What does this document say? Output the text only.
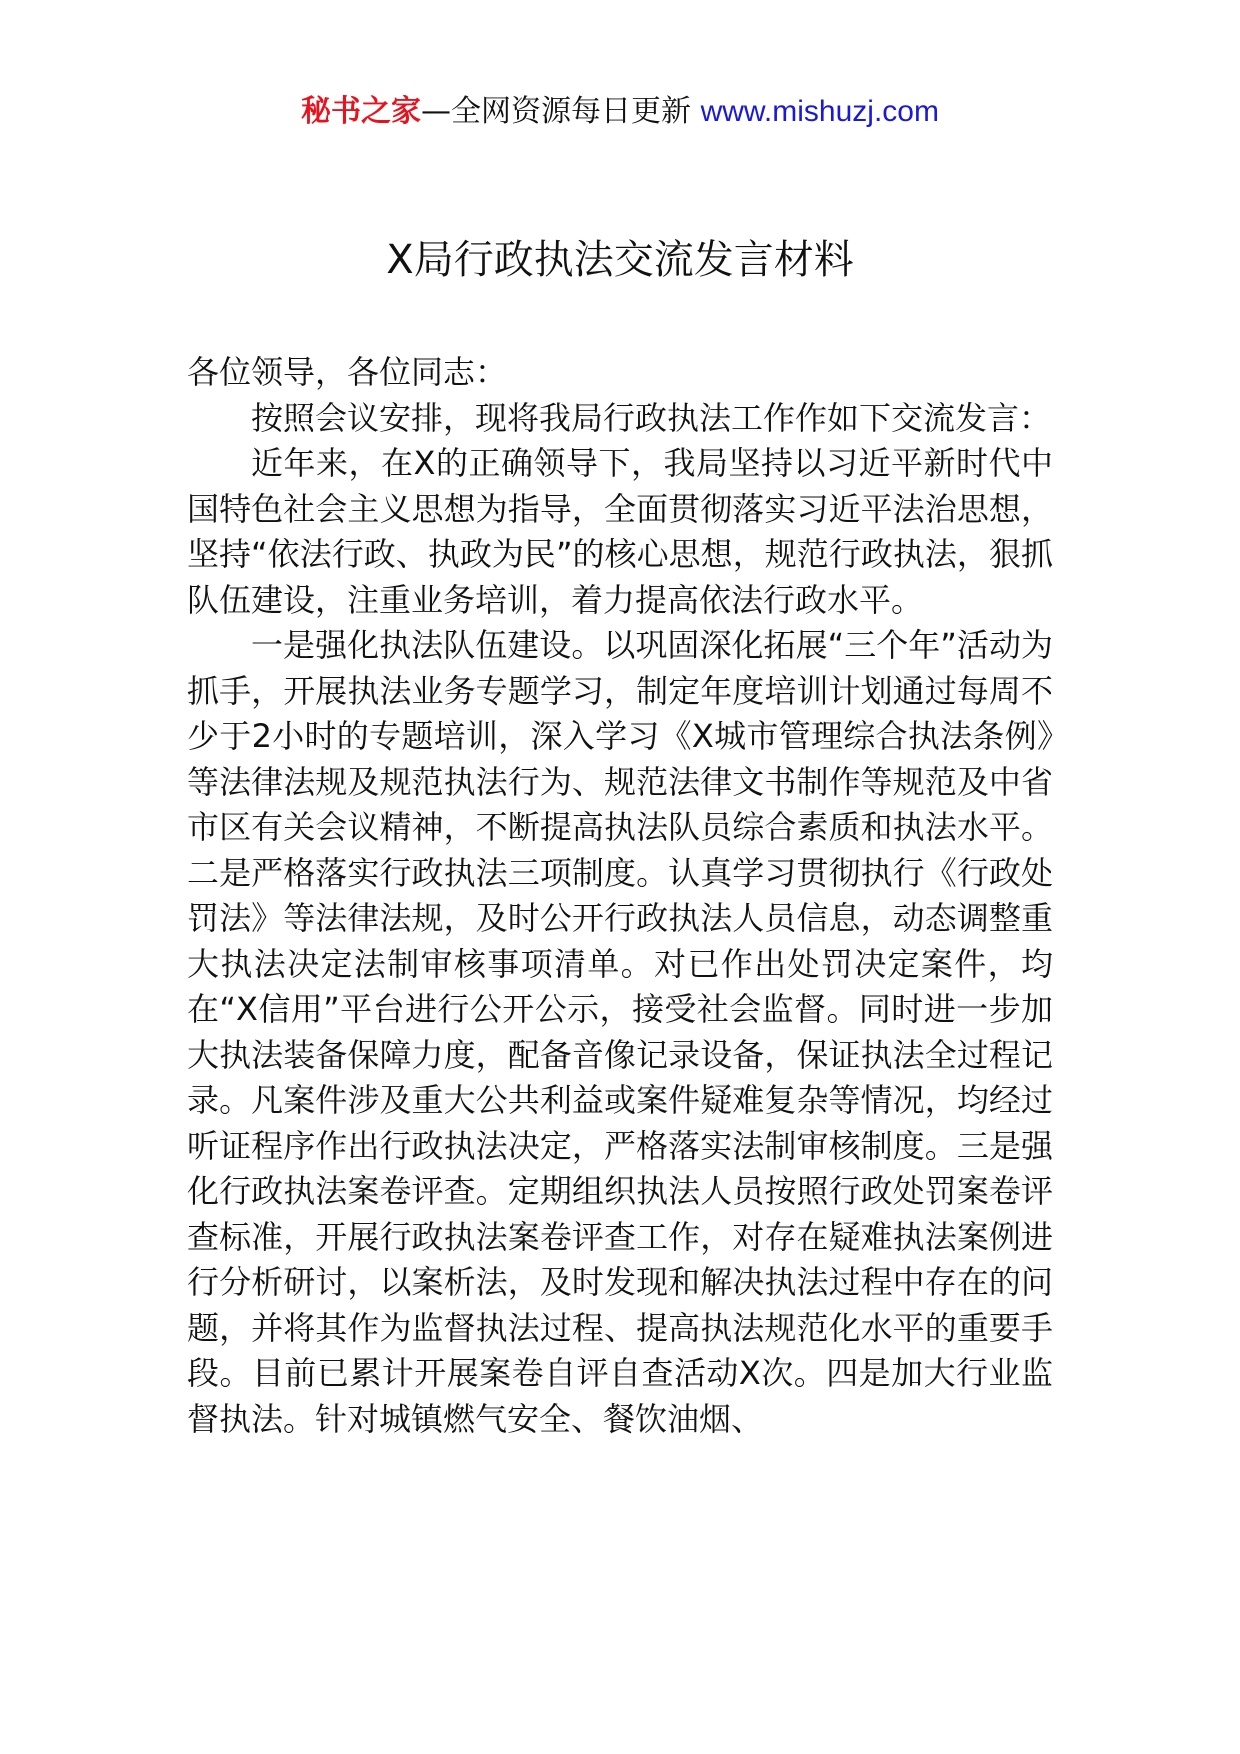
秘书之家—全网资源每日更新 www.mishuzj.com
X局行政执法交流发言材料

各位领导，各位同志：

按照会议安排，现将我局行政执法工作作如下交流发言：

近年来，在X的正确领导下，我局坚持以习近平新时代中国特色社会主义思想为指导，全面贯彻落实习近平法治思想，坚持“依法行政、执政为民”的核心思想，规范行政执法，狠抓队伍建设，注重业务培训，着力提高依法行政水平。

一是强化执法队伍建设。以巩固深化拓展“三个年”活动为抓手，开展执法业务专题学习，制定年度培训计划通过每周不少于2小时的专题培训，深入学习《X城市管理综合执法条例》等法律法规及规范执法行为、规范法律文书制作等规范及中省市区有关会议精神，不断提高执法队员综合素质和执法水平。二是严格落实行政执法三项制度。认真学习贯彻执行《行政处罚法》等法律法规，及时公开行政执法人员信息，动态调整重大执法决定法制审核事项清单。对已作出处罚决定案件，均在“X信用”平台进行公开公示，接受社会监督。同时进一步加大执法装备保障力度，配备音像记录设备，保证执法全过程记录。凡案件涉及重大公共利益或案件疑难复杂等情况，均经过听证程序作出行政执法决定，严格落实法制审核制度。三是强化行政执法案卷评查。定期组织执法人员按照行政处罚案卷评查标准，开展行政执法案卷评查工作，对存在疑难执法案例进行分析研讨，以案析法，及时发现和解决执法过程中存在的问题，并将其作为监督执法过程、提高执法规范化水平的重要手段。目前已累计开展案卷自评自查活动X次。四是加大行业监督执法。针对城镇燃气安全、餐饮油烟、
